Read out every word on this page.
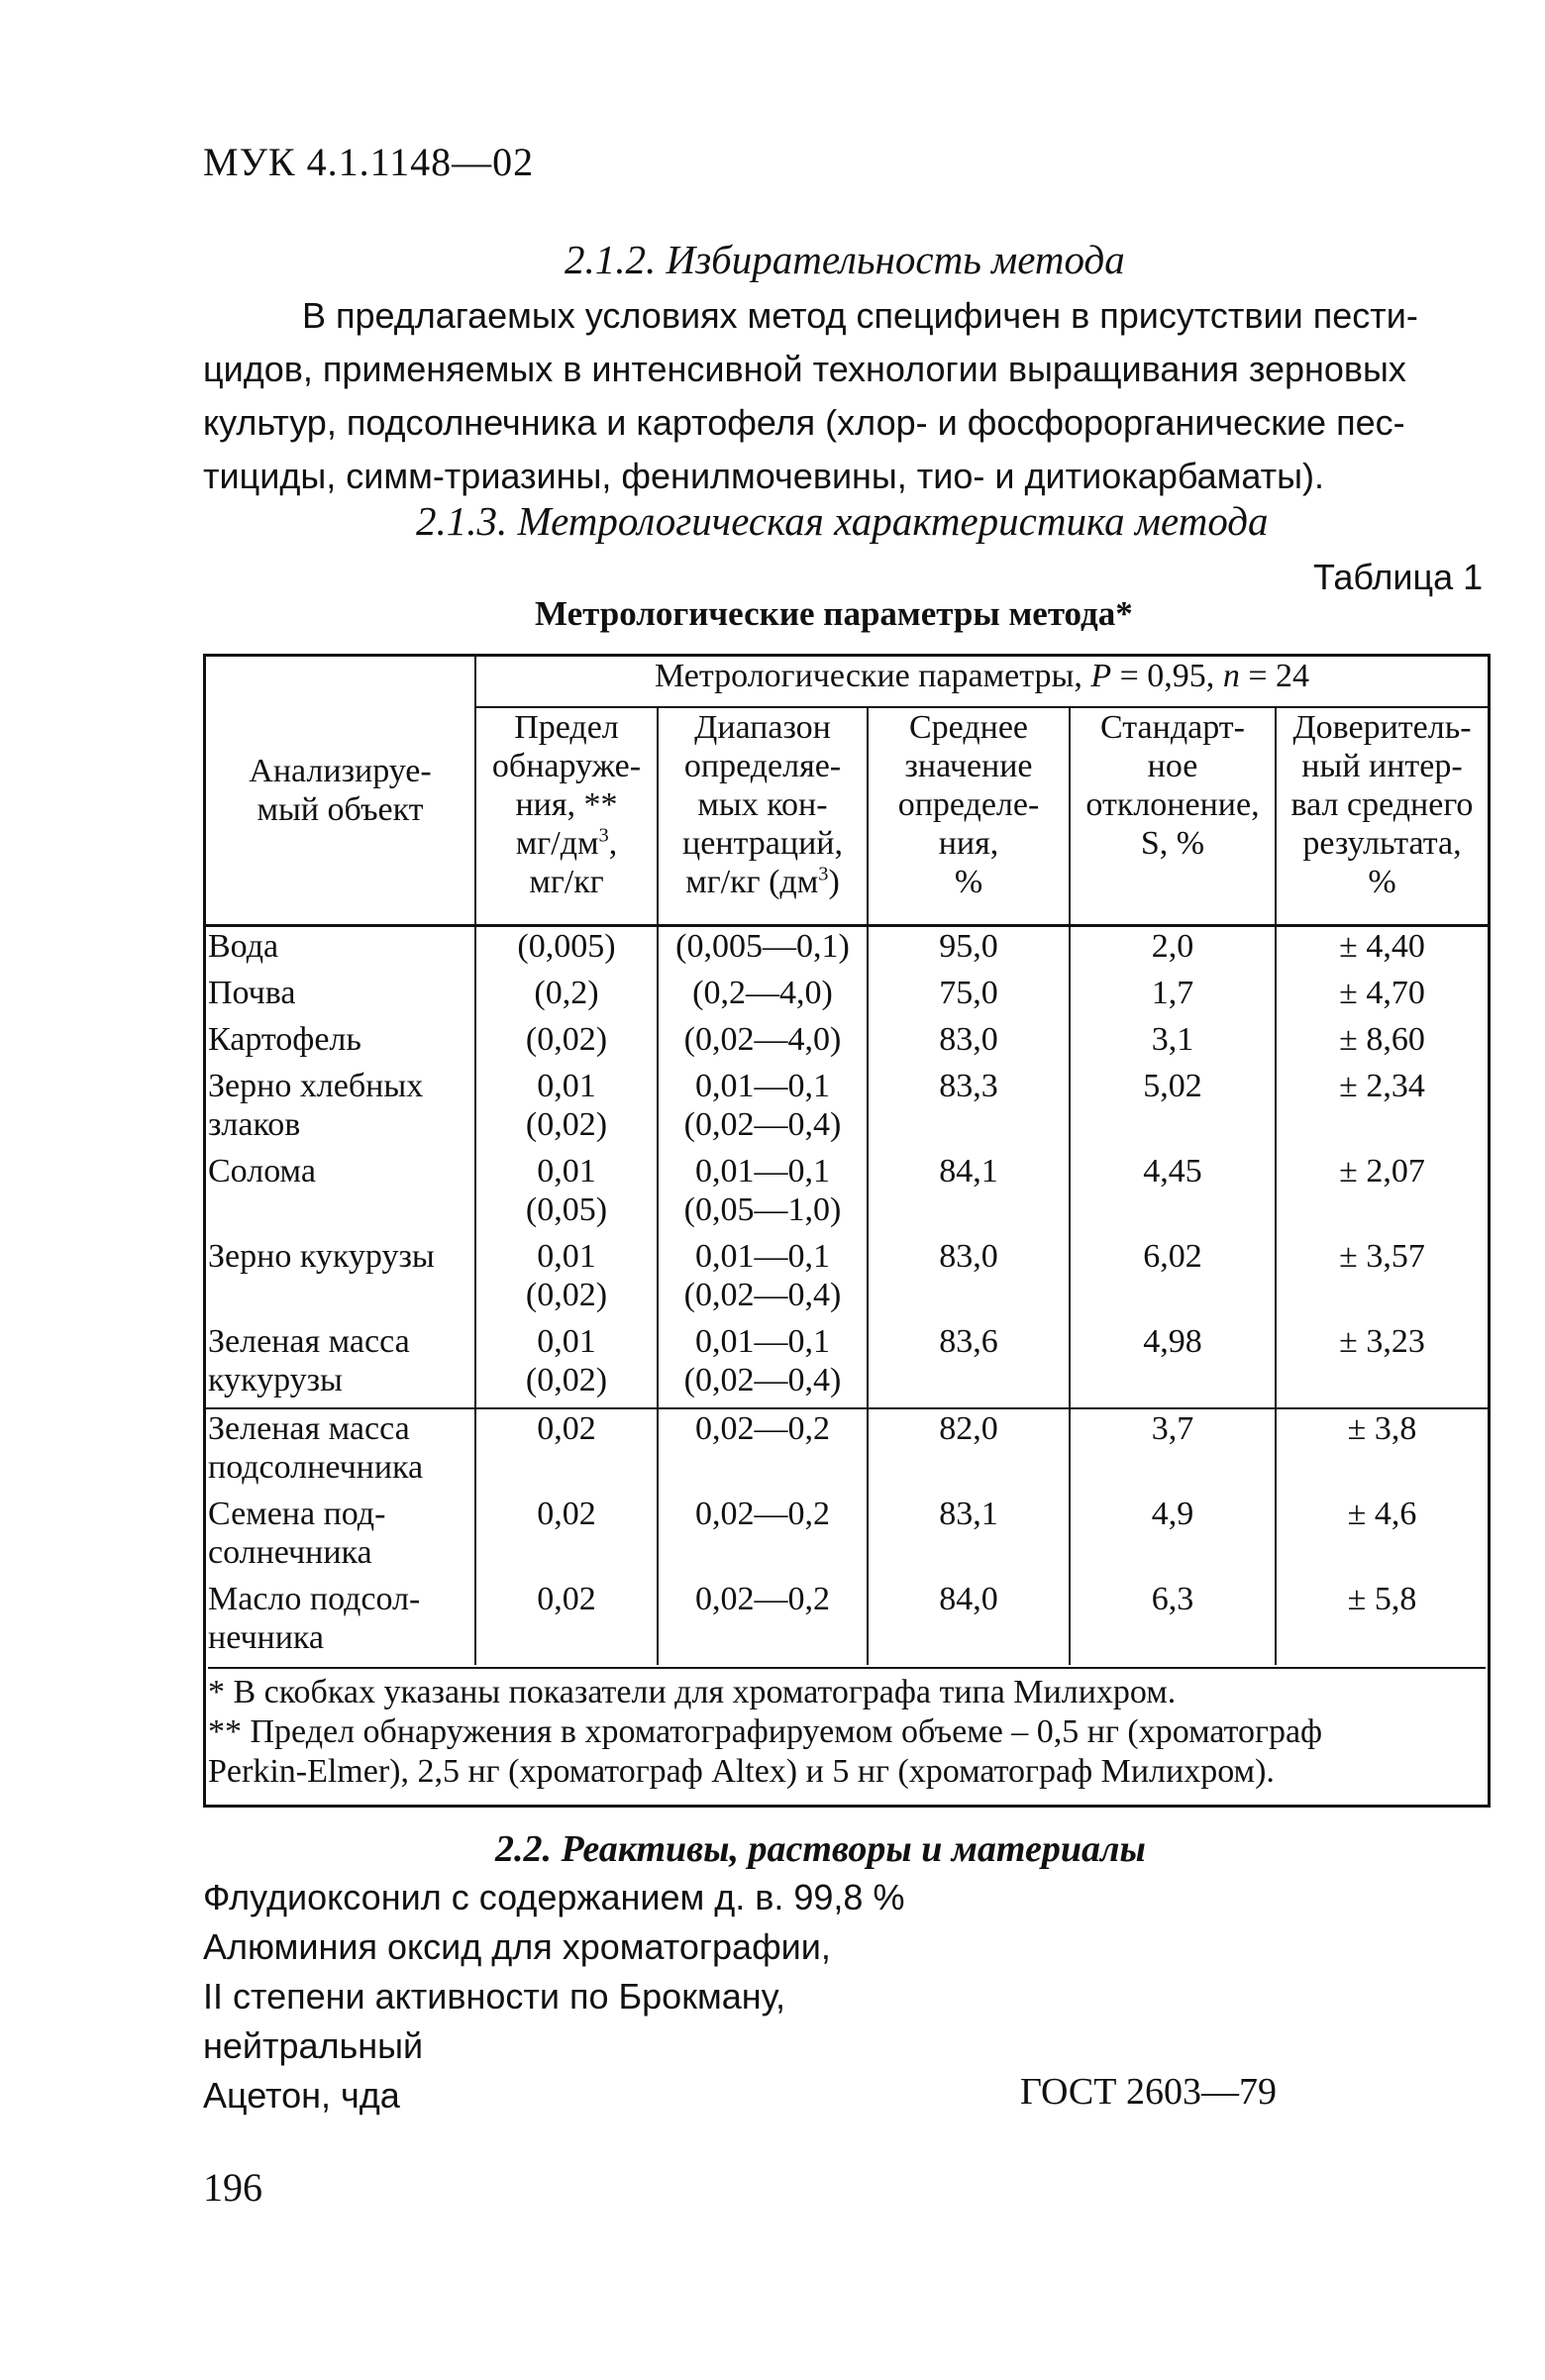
МУК 4.1.1148—02
2.1.2. Избирательность метода
В предлагаемых условиях метод специфичен в присутствии пести-
цидов, применяемых в интенсивной технологии выращивания зерновых
культур, подсолнечника и картофеля (хлор- и фосфорорганические пес-
тициды, симм-триазины, фенилмочевины, тио- и дитиокарбаматы).
2.1.3. Метрологическая характеристика метода
Таблица 1
Метрологические параметры метода*
Анализируе-
мый объект	Метрологические параметры, P = 0,95, n = 24				
	Предел
обнаруже-
ния, **
$мг/дм^3$,
мг/кг	Диапазон
определяе-
мых кон-
центраций,
мг/кг $(дм^3)$	Среднее
значение
определе-
ния,
%	Стандарт-
ное
отклонение,
S, %	Доверитель-
ный интер-
вал среднего
результата,
%
Вода	(0,005)	(0,005—0,1)	95,0	2,0	± 4,40
Почва	(0,2)	(0,2—4,0)	75,0	1,7	± 4,70
Картофель	(0,02)	(0,02—4,0)	83,0	3,1	± 8,60
Зерно хлебных
злаков	0,01
(0,02)	0,01—0,1
(0,02—0,4)	83,3	5,02	± 2,34
Солома	0,01
(0,05)	0,01—0,1
(0,05—1,0)	84,1	4,45	± 2,07
Зерно кукурузы	0,01
(0,02)	0,01—0,1
(0,02—0,4)	83,0	6,02	± 3,57
Зеленая масса
кукурузы	0,01
(0,02)	0,01—0,1
(0,02—0,4)	83,6	4,98	± 3,23
Зеленая масса
подсолнечника	0,02	0,02—0,2	82,0	3,7	± 3,8
Семена под-
солнечника	0,02	0,02—0,2	83,1	4,9	± 4,6
Масло подсол-
нечника	0,02	0,02—0,2	84,0	6,3	± 5,8
* В скобках указаны показатели для хроматографа типа Милихром.
** Предел обнаружения в хроматографируемом объеме – 0,5 нг (хроматограф
Perkin-Elmer), 2,5 нг (хроматограф Altex) и 5 нг (хроматограф Милихром).
2.2. Реактивы, растворы и материалы
Флудиоксонил с содержанием д. в. 99,8 %
Алюминия оксид для хроматографии,
II степени активности по Брокману,
нейтральный
Ацетон, чда	ГОСТ 2603—79
196
